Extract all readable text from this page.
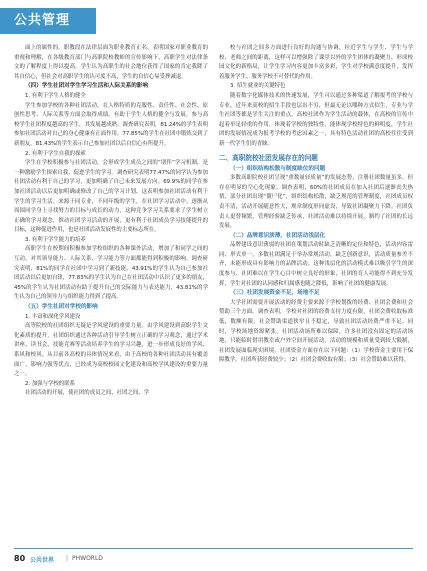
公共管理

面上的属性的。职教段在法律层面为职业教育正名，表明国家对职业教育的重视和理解，在各级教育部门与高职院校教师的宣传影响下，高职学生对法律条文的了解程度上得以提高，学生认为高职生的社会地位获得了国家的肯定我降了其自信心，但社会对高职学生的认可度不高，学生的自信心易受挫减退。

（四）学生社团对学生学习生活和人际关系的影响

1. 有利于学生人格的健全

学生参加学校的各种社团活动，在人格特质的克服性、责任性、社会性、原创性思考、人际关系等方面会取得成绩。有助于学生人格的健全与发展。参与高校学生社团程度越高的学生，其发展越成熟。调查研究表明，81.24%的学生表明参加社团活动对自己的身心健康有正面作用。77.85%的学生在社团中锻炼交到了新朋友，81.43%的学生表示自己参加社团以后自信心有所提升。

2. 有利于学生自我的探索

学生在学校积极参与社团活动，会形成学生成员之间的“朋伴”学习机制，是一种激励学生探索自我、促进学生的学习。调查研究表明77.47%的同学认为参加社团活动有利于自己的学习，更加明确了自己未来发展方向。69.9%的同学在参加社团活动以后更加明确或修改了自己的学习计划，这表明参加社团活动有利于学生的学习生活。来源于同专业，不同年级的学生，在社团学习活动中，逐渐从周围同学身上寻找努力的目标与成长的动力，这种竞争学习关系要求了学生树立正确的学习观念，推动社团学习活动的开展，更有利于社团成员学习技能提升的目标，这种促进作用，也是社团活动发展性的主要标志所在。

3. 有利于学生能力的培养

高职学生在校期间积极参加学校组织的各种课外活动，增加了和同学之间的互动，对其领导能力、人际关系、学习能力等方面都能得到积极的影响。调查研究表明，81%的同学在社团中学习到了新技能，43.91%的学生认为自己参加社团活动以后更加自律，77.83%的学生认为自己在社团活动中认识了更多的朋友，45%的学生认为社团活动有助于提升自己的交际能力与表达能力，43.81%的学生认为自己的领导力与组织能力得到了提高。

（五）学生社团对学校的影响

1. 丰富和深化学风建设

高等院校的社团组织无疑是学风建设的重要力量。由学风建设到高职学生文化素质的提升，社团组织通过各种活动引导学生树立正确的学习观念，通过学术讲座、读书会、技能竞赛等活动培养学生的学习兴趣，进一步形成良好的学风、系风和校风。从目前各高校的具体情况来看，由于高校的各种社团活动具有覆盖面广、影响力强等优点，已经成为高校校园文化建设和高校学风建设的重要力量之一。

2. 加强与学校的联系

社团活动的开展，使社团的成员之间、社团之间、学

校与社团之间多方面进行良好的沟通与协调，拉近学生与学生、学生与学校、老师之间的距离，这样可以增强除了课堂以外的学生团体的凝聚力，形成校园文化的新格局，让学生学习内容更加丰富多彩，学生对学校满意度提升，发挥着服务学生、服务学校不可替代的作用。

3. 招生就业的关键特色

随着数字化媒体技术的快速发展，学生可以通过多种渠道了解报考的学校与专业，近年来高校的招生手段也层出不穷，但最无论以哪种方式招生，专业与学生社团等都是学生关注的重点，高校社团作为学生活动的载体，在高校的宣传中起着举足轻重的作用，体现着学校的独特性，能体现学校特色的鲜明度，学生社团的发展情况成为报考学校的考虑因素之一，具有特色活动社团的高校往往受到新一代学生们的青睐。

二、高职院校社团发展存在的问题
（一）组织结构松散与制度缺位的问题

多数高职院校社团呈现“重数量轻质量”的发展态势，注册社团数量虽多，但存在明显的空心化现象。调查表明，60%的社团成员在加入社团后逐渐丧失热情，部分社团出现“僵尸化”，组织结构松散，缺乏规范的管理制度，社团成员权责不清，活动开展随意性大，规章制度形同虚设，导致社团凝聚力下降。社团负责人更替频繁，管理经验缺乏传承，社团活动难以持续开展，制约了社团的长远发展。

（二）品牌意识淡薄，社团活动浅层化

品牌建设意识薄弱的社团在策划活动时缺乏清晰的定位和特色，活动内容雷同、形式单一，多数社团满足于举办常规活动，缺乏创新意识，活动质量参差不齐，未能形成具有影响力的品牌活动。这种浅层化的活动模式难以吸引学生的深度参与，社团难以在学生心目中树立良好的形象，社团的育人功能得不到充分发挥，学生对社团的认同感和归属感也随之降低，影响了社团的健康发展。

（三）社团发展资金不足，场地不足

大学社团需要开展活动的经费主要来源于学校划拨的经费、社团会费和社会赞助三个方面。调查表明，学校对社团的经费支持力度有限，社团会费收取标准低，数额有限，社会赞助渠道狭窄且不稳定，导致社团活动经费严重不足。同时，学校场地资源紧张，社团活动场所难以保障，许多社团没有固定的活动场地，只能临时借用教室或户外空间开展活动，活动的规模和质量受到较大限制，社团发展面临现实困境。社团资金方面存在以下问题：（1）学校资金主要用于保障教学，社团所获经费较少；（2）社团会费收取有限；（3）社会赞助难以获得。

80 公共世界 | PHWORLD
